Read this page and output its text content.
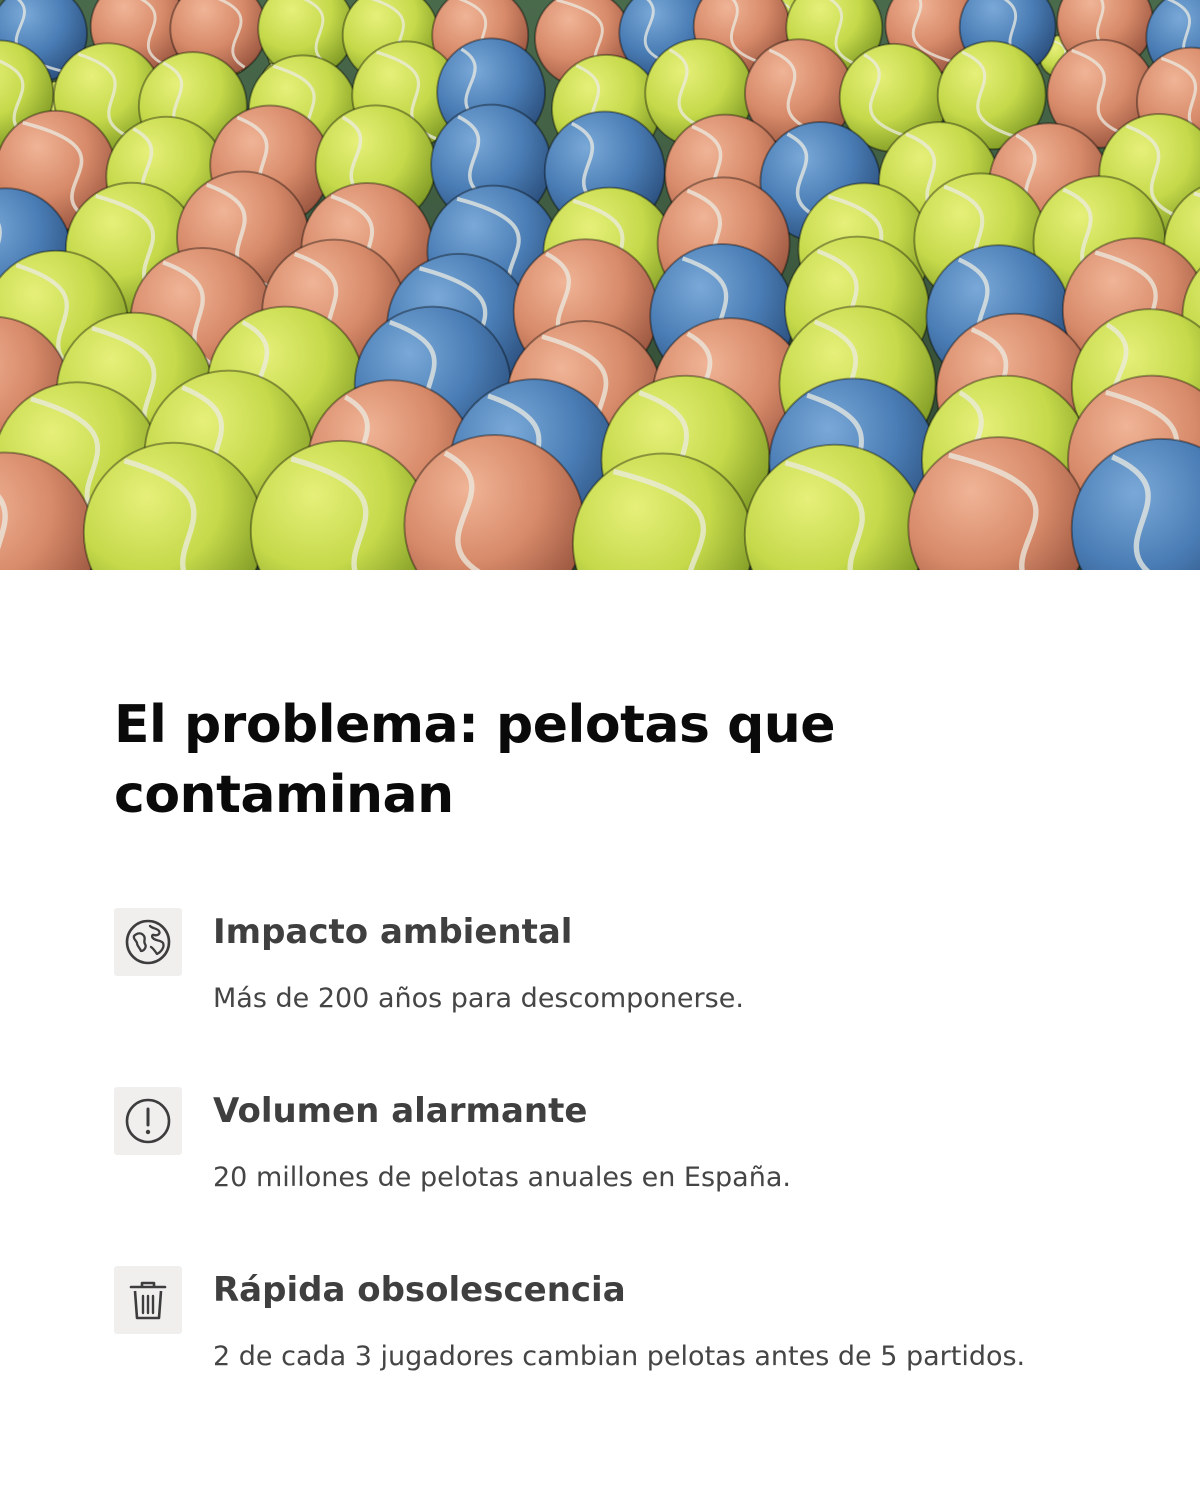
El problema: pelotas que contaminan
Impacto ambiental

Más de 200 años para descomponerse.

Volumen alarmante

20 millones de pelotas anuales en España.

Rápida obsolescencia

2 de cada 3 jugadores cambian pelotas antes de 5 partidos.
